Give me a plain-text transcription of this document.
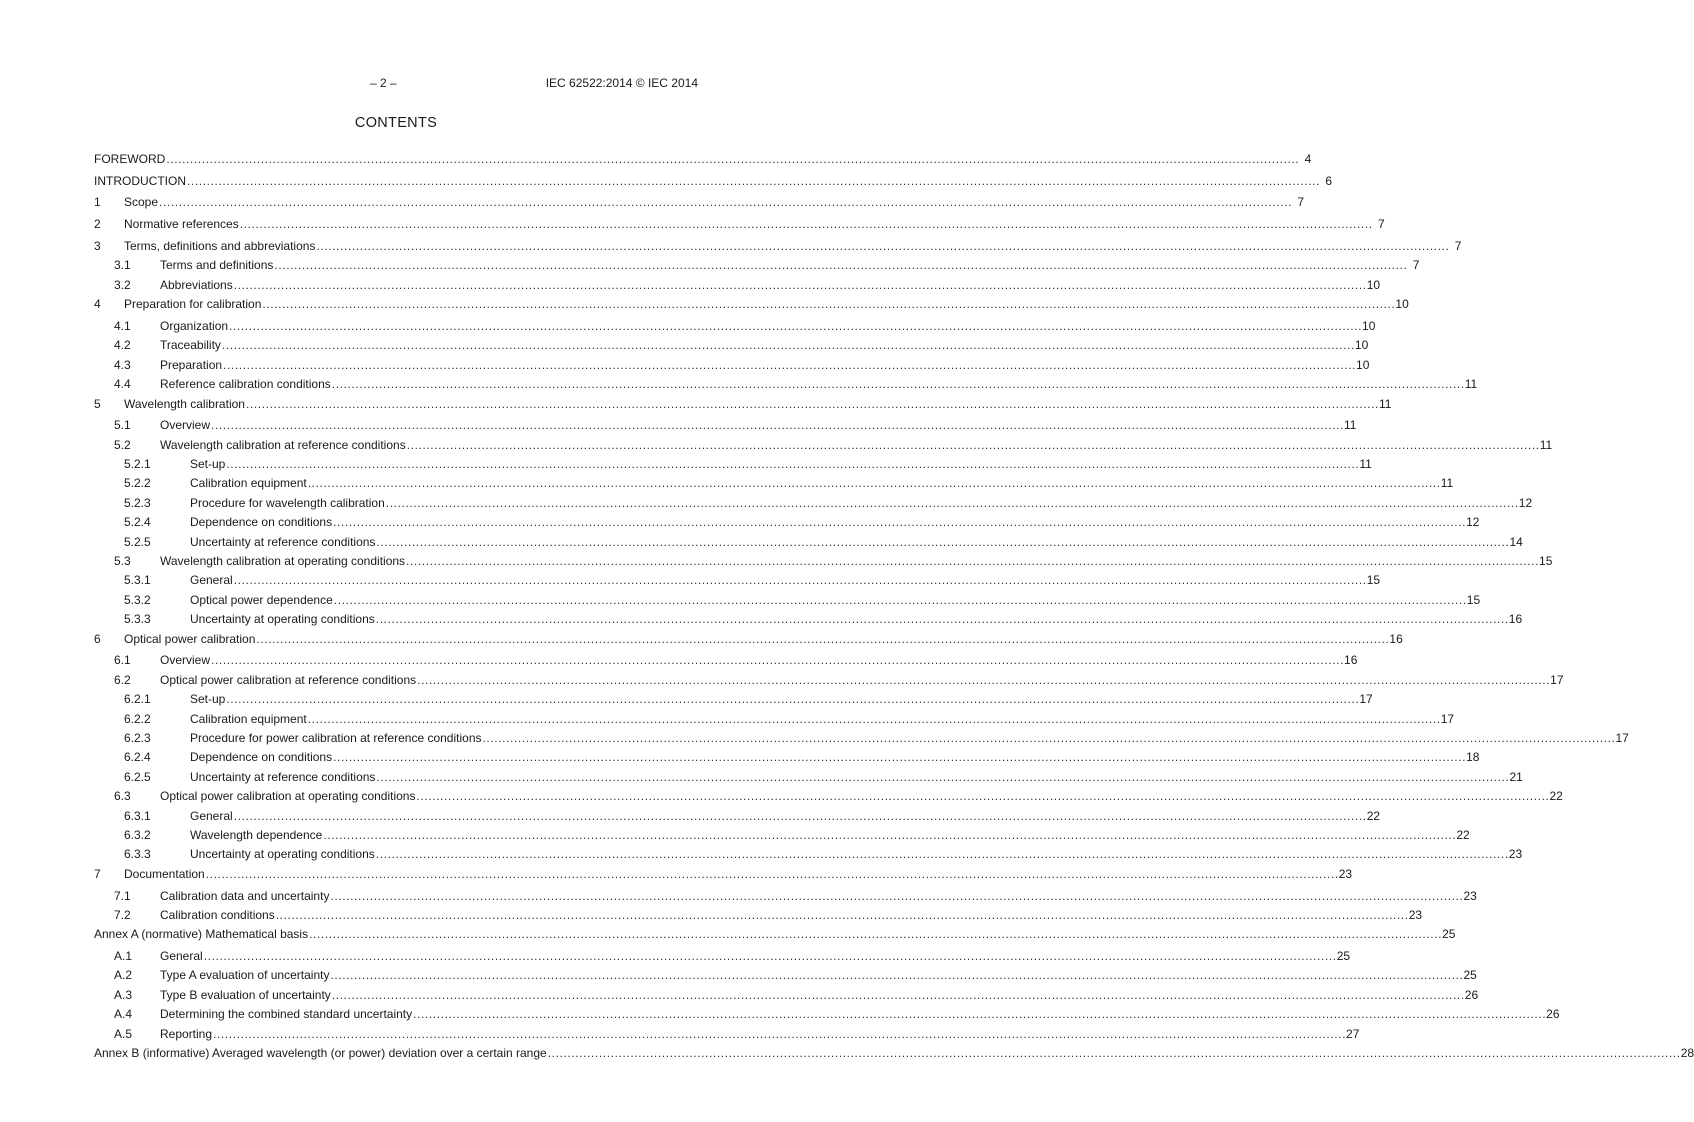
– 2 –	IEC 62522:2014 © IEC 2014
CONTENTS
FOREWORD ................................................................................................................................................................................................................................................................................................ 4
INTRODUCTION ................................................................................................................................................................................................................................................................................................ 6
1	Scope ................................................................................................................................................................................................................................................................................................ 7
2	Normative references ................................................................................................................................................................................................................................................................................................ 7
3	Terms, definitions and abbreviations ................................................................................................................................................................................................................................................................................................ 7
3.1	Terms and definitions ................................................................................................................................................................................................................................................................................................ 7
3.2	Abbreviations ................................................................................................................................................................................................................................................................................................ 10
4	Preparation for calibration ................................................................................................................................................................................................................................................................................................ 10
4.1	Organization ................................................................................................................................................................................................................................................................................................ 10
4.2	Traceability ................................................................................................................................................................................................................................................................................................ 10
4.3	Preparation ................................................................................................................................................................................................................................................................................................ 10
4.4	Reference calibration conditions ................................................................................................................................................................................................................................................................................................ 11
5	Wavelength calibration ................................................................................................................................................................................................................................................................................................ 11
5.1	Overview ................................................................................................................................................................................................................................................................................................ 11
5.2	Wavelength calibration at reference conditions ................................................................................................................................................................................................................................................................................................ 11
5.2.1	Set-up ................................................................................................................................................................................................................................................................................................ 11
5.2.2	Calibration equipment ................................................................................................................................................................................................................................................................................................ 11
5.2.3	Procedure for wavelength calibration ................................................................................................................................................................................................................................................................................................ 12
5.2.4	Dependence on conditions ................................................................................................................................................................................................................................................................................................ 12
5.2.5	Uncertainty at reference conditions ................................................................................................................................................................................................................................................................................................ 14
5.3	Wavelength calibration at operating conditions ................................................................................................................................................................................................................................................................................................ 15
5.3.1	General ................................................................................................................................................................................................................................................................................................ 15
5.3.2	Optical power dependence ................................................................................................................................................................................................................................................................................................ 15
5.3.3	Uncertainty at operating conditions ................................................................................................................................................................................................................................................................................................ 16
6	Optical power calibration ................................................................................................................................................................................................................................................................................................ 16
6.1	Overview ................................................................................................................................................................................................................................................................................................ 16
6.2	Optical power calibration at reference conditions ................................................................................................................................................................................................................................................................................................ 17
6.2.1	Set-up ................................................................................................................................................................................................................................................................................................ 17
6.2.2	Calibration equipment ................................................................................................................................................................................................................................................................................................ 17
6.2.3	Procedure for power calibration at reference conditions ................................................................................................................................................................................................................................................................................................ 17
6.2.4	Dependence on conditions ................................................................................................................................................................................................................................................................................................ 18
6.2.5	Uncertainty at reference conditions ................................................................................................................................................................................................................................................................................................ 21
6.3	Optical power calibration at operating conditions ................................................................................................................................................................................................................................................................................................ 22
6.3.1	General ................................................................................................................................................................................................................................................................................................ 22
6.3.2	Wavelength dependence ................................................................................................................................................................................................................................................................................................ 22
6.3.3	Uncertainty at operating conditions ................................................................................................................................................................................................................................................................................................ 23
7	Documentation ................................................................................................................................................................................................................................................................................................ 23
7.1	Calibration data and uncertainty ................................................................................................................................................................................................................................................................................................ 23
7.2	Calibration conditions ................................................................................................................................................................................................................................................................................................ 23
Annex A (normative) Mathematical basis ................................................................................................................................................................................................................................................................................................ 25
A.1	General ................................................................................................................................................................................................................................................................................................ 25
A.2	Type A evaluation of uncertainty ................................................................................................................................................................................................................................................................................................ 25
A.3	Type B evaluation of uncertainty ................................................................................................................................................................................................................................................................................................ 26
A.4	Determining the combined standard uncertainty ................................................................................................................................................................................................................................................................................................ 26
A.5	Reporting ................................................................................................................................................................................................................................................................................................ 27
Annex B (informative) Averaged wavelength (or power) deviation over a certain range ................................................................................................................................................................................................................................................................................................ 28
